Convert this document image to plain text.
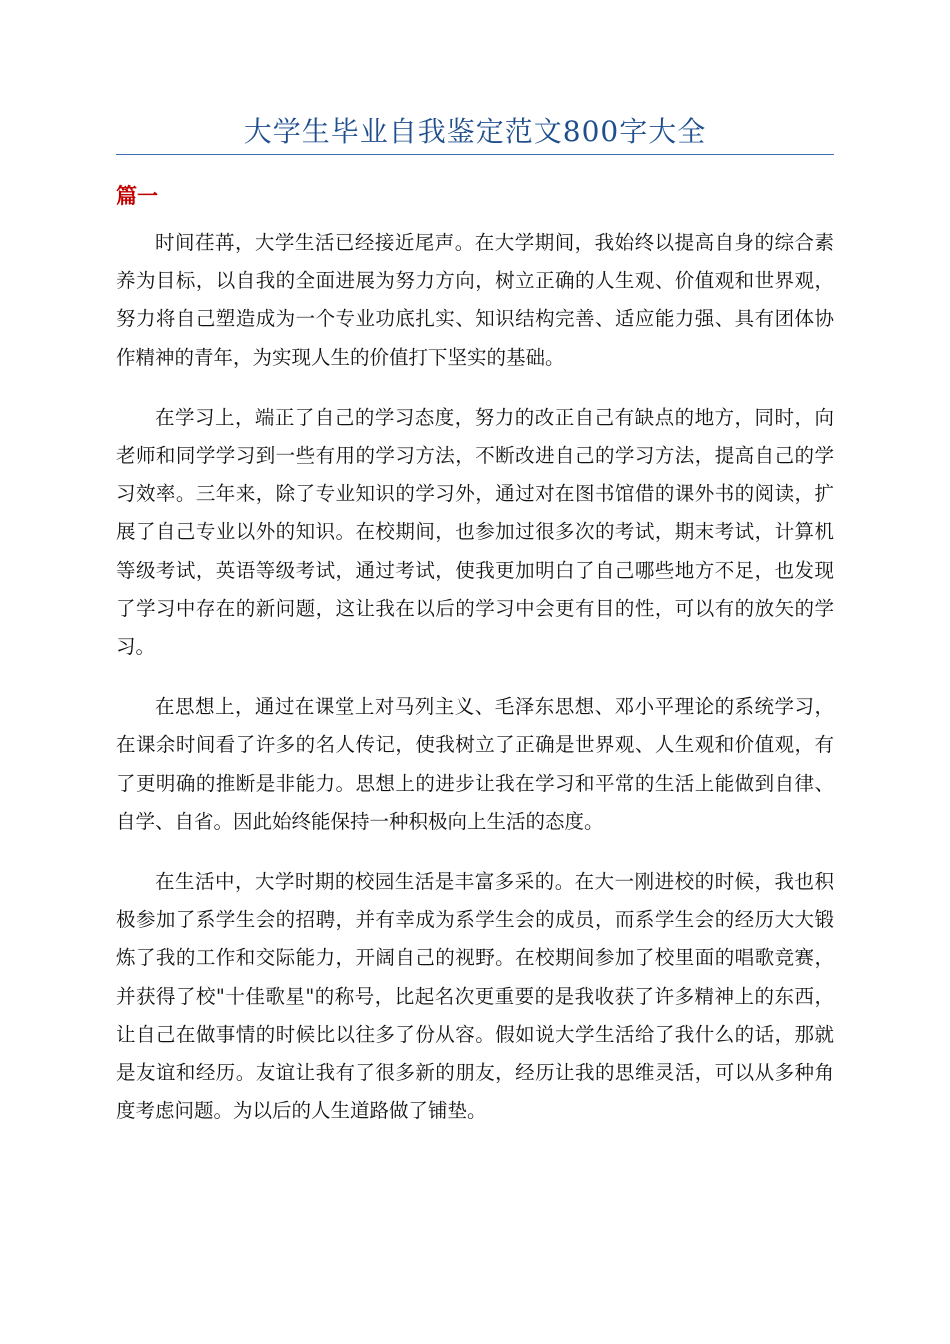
大学生毕业自我鉴定范文800字大全
篇一

时间荏苒，大学生活已经接近尾声。在大学期间，我始终以提高自身的综合素养为目标，以自我的全面进展为努力方向，树立正确的人生观、价值观和世界观，努力将自己塑造成为一个专业功底扎实、知识结构完善、适应能力强、具有团体协作精神的青年，为实现人生的价值打下坚实的基础。

在学习上，端正了自己的学习态度，努力的改正自己有缺点的地方，同时，向老师和同学学习到一些有用的学习方法，不断改进自己的学习方法，提高自己的学习效率。三年来，除了专业知识的学习外，通过对在图书馆借的课外书的阅读，扩展了自己专业以外的知识。在校期间，也参加过很多次的考试，期末考试，计算机等级考试，英语等级考试，通过考试，使我更加明白了自己哪些地方不足，也发现了学习中存在的新问题，这让我在以后的学习中会更有目的性，可以有的放矢的学习。

在思想上，通过在课堂上对马列主义、毛泽东思想、邓小平理论的系统学习，在课余时间看了许多的名人传记，使我树立了正确是世界观、人生观和价值观，有了更明确的推断是非能力。思想上的进步让我在学习和平常的生活上能做到自律、自学、自省。因此始终能保持一种积极向上生活的态度。

在生活中，大学时期的校园生活是丰富多采的。在大一刚进校的时候，我也积极参加了系学生会的招聘，并有幸成为系学生会的成员，而系学生会的经历大大锻炼了我的工作和交际能力，开阔自己的视野。在校期间参加了校里面的唱歌竞赛，并获得了校"十佳歌星"的称号，比起名次更重要的是我收获了许多精神上的东西，让自己在做事情的时候比以往多了份从容。假如说大学生活给了我什么的话，那就是友谊和经历。友谊让我有了很多新的朋友，经历让我的思维灵活，可以从多种角度考虑问题。为以后的人生道路做了铺垫。
